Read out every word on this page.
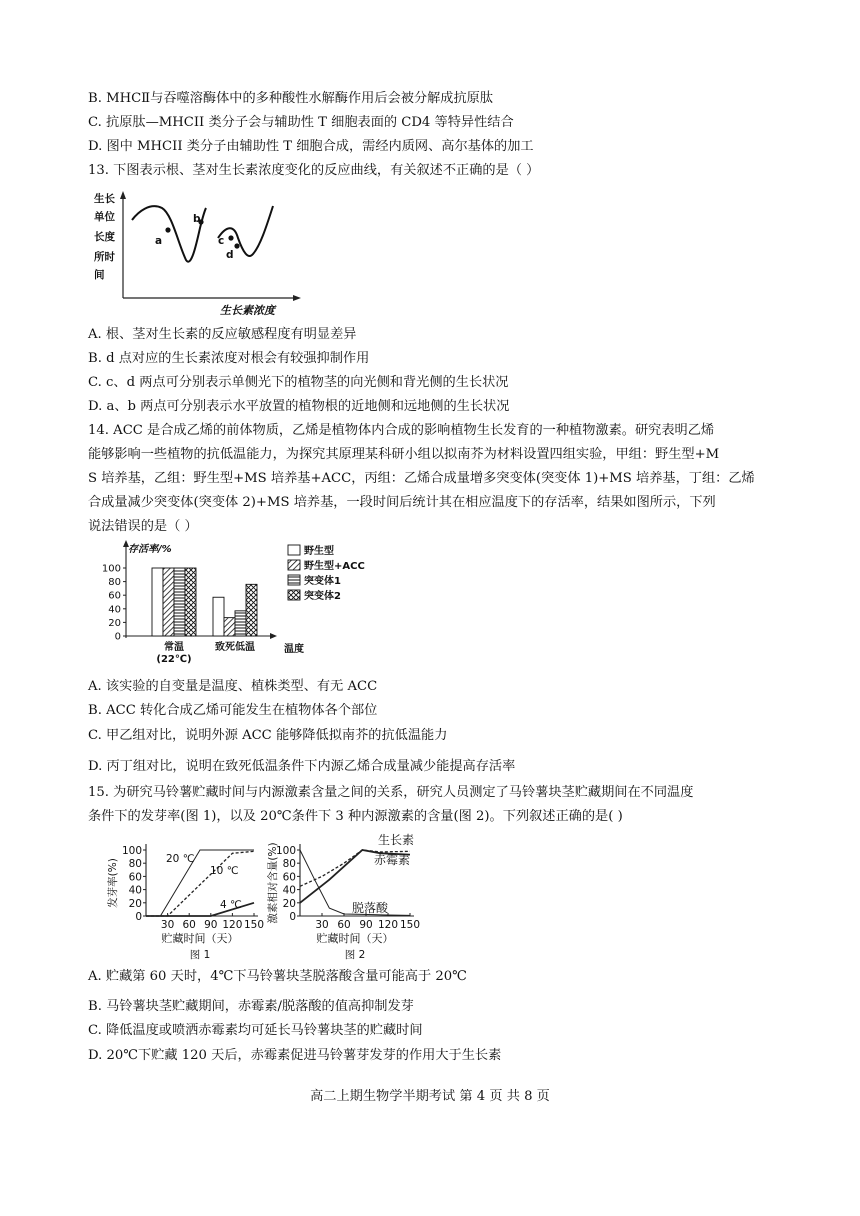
B. MHCⅡ与吞噬溶酶体中的多种酸性水解酶作用后会被分解成抗原肽
C. 抗原肽—MHCII 类分子会与辅助性 T 细胞表面的 CD4 等特异性结合
D. 图中 MHCII 类分子由辅助性 T 细胞合成，需经内质网、高尔基体的加工
13. 下图表示根、茎对生长素浓度变化的反应曲线，有关叙述不正确的是（ ）
生长
单位
长度
所时
间
生长素浓度
a
b
c
d
A. 根、茎对生长素的反应敏感程度有明显差异
B. d 点对应的生长素浓度对根会有较强抑制作用
C. c、d 两点可分别表示单侧光下的植物茎的向光侧和背光侧的生长状况
D. a、b 两点可分别表示水平放置的植物根的近地侧和远地侧的生长状况
14. ACC 是合成乙烯的前体物质，乙烯是植物体内合成的影响植物生长发育的一种植物激素。研究表明乙烯
能够影响一些植物的抗低温能力，为探究其原理某科研小组以拟南芥为材料设置四组实验，甲组：野生型+M
S 培养基，乙组：野生型+MS 培养基+ACC，丙组：乙烯合成量增多突变体(突变体 1)+MS 培养基，丁组：乙烯
合成量减少突变体(突变体 2)+MS 培养基，一段时间后统计其在相应温度下的存活率，结果如图所示，下列
说法错误的是（ ）
存活率/%
温度
0
20
40
60
80
100
常温
(22℃)
致死低温
野生型
野生型+ACC
突变体1
突变体2
A. 该实验的自变量是温度、植株类型、有无 ACC
B. ACC 转化合成乙烯可能发生在植物体各个部位
C. 甲乙组对比，说明外源 ACC 能够降低拟南芥的抗低温能力
D. 丙丁组对比，说明在致死低温条件下内源乙烯合成量减少能提高存活率
15. 为研究马铃薯贮藏时间与内源激素含量之间的关系，研究人员测定了马铃薯块茎贮藏期间在不同温度
条件下的发芽率(图 1)，以及 20℃条件下 3 种内源激素的含量(图 2)。下列叙述正确的是( )
0
20
40
60
80
100
30 60 90 120 150
发芽率(%)
贮藏时间（天）
图 1
20 ℃
10 ℃
4 ℃
0
20
40
60
80
100
30 60 90 120 150
激素相对含量(%)
贮藏时间（天）
图 2
生长素
赤霉素
脱落酸
A. 贮藏第 60 天时，4℃下马铃薯块茎脱落酸含量可能高于 20℃
B. 马铃薯块茎贮藏期间，赤霉素/脱落酸的值高抑制发芽
C. 降低温度或喷洒赤霉素均可延长马铃薯块茎的贮藏时间
D. 20℃下贮藏 120 天后，赤霉素促进马铃薯芽发芽的作用大于生长素
高二上期生物学半期考试 第 4 页 共 8 页
